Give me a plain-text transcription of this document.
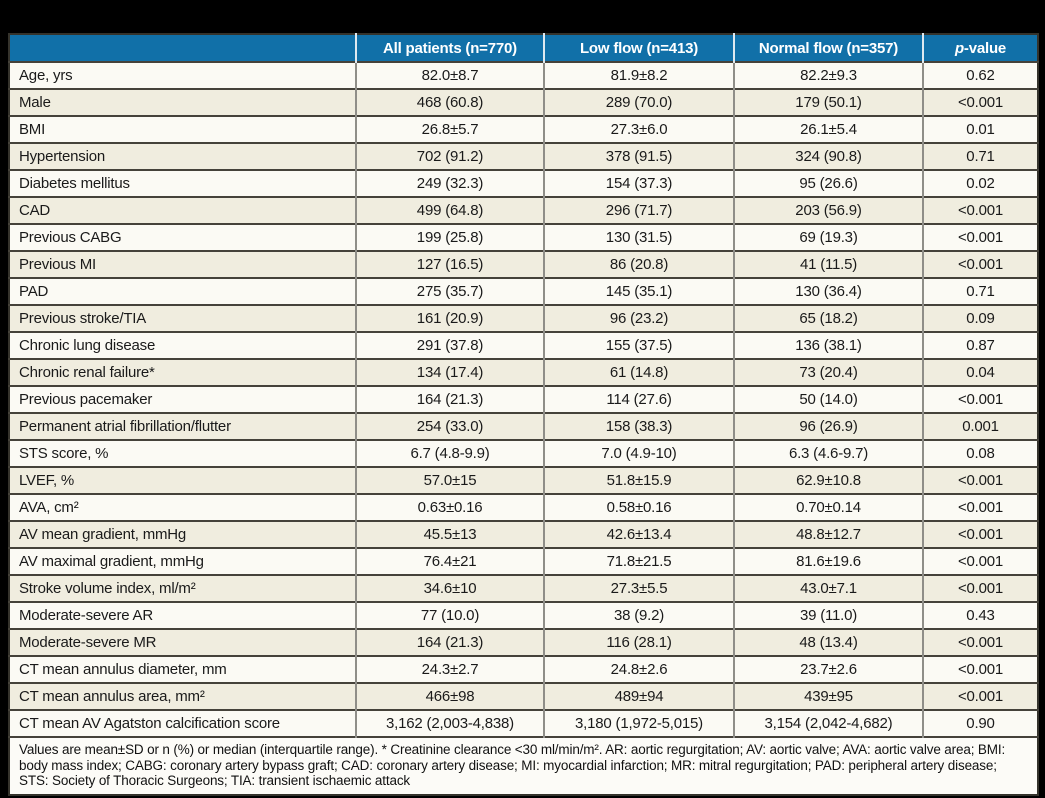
	All patients (n=770)	Low flow (n=413)	Normal flow (n=357)	p-value
Age, yrs	82.0±8.7	81.9±8.2	82.2±9.3	0.62
Male	468 (60.8)	289 (70.0)	179 (50.1)	<0.001
BMI	26.8±5.7	27.3±6.0	26.1±5.4	0.01
Hypertension	702 (91.2)	378 (91.5)	324 (90.8)	0.71
Diabetes mellitus	249 (32.3)	154 (37.3)	95 (26.6)	0.02
CAD	499 (64.8)	296 (71.7)	203 (56.9)	<0.001
Previous CABG	199 (25.8)	130 (31.5)	69 (19.3)	<0.001
Previous MI	127 (16.5)	86 (20.8)	41 (11.5)	<0.001
PAD	275 (35.7)	145 (35.1)	130 (36.4)	0.71
Previous stroke/TIA	161 (20.9)	96 (23.2)	65 (18.2)	0.09
Chronic lung disease	291 (37.8)	155 (37.5)	136 (38.1)	0.87
Chronic renal failure*	134 (17.4)	61 (14.8)	73 (20.4)	0.04
Previous pacemaker	164 (21.3)	114 (27.6)	50 (14.0)	<0.001
Permanent atrial fibrillation/flutter	254 (33.0)	158 (38.3)	96 (26.9)	0.001
STS score, %	6.7 (4.8-9.9)	7.0 (4.9-10)	6.3 (4.6-9.7)	0.08
LVEF, %	57.0±15	51.8±15.9	62.9±10.8	<0.001
AVA, cm²	0.63±0.16	0.58±0.16	0.70±0.14	<0.001
AV mean gradient, mmHg	45.5±13	42.6±13.4	48.8±12.7	<0.001
AV maximal gradient, mmHg	76.4±21	71.8±21.5	81.6±19.6	<0.001
Stroke volume index, ml/m²	34.6±10	27.3±5.5	43.0±7.1	<0.001
Moderate-severe AR	77 (10.0)	38 (9.2)	39 (11.0)	0.43
Moderate-severe MR	164 (21.3)	116 (28.1)	48 (13.4)	<0.001
CT mean annulus diameter, mm	24.3±2.7	24.8±2.6	23.7±2.6	<0.001
CT mean annulus area, mm²	466±98	489±94	439±95	<0.001
CT mean AV Agatston calcification score	3,162 (2,003-4,838)	3,180 (1,972-5,015)	3,154 (2,042-4,682)	0.90
Values are mean±SD or n (%) or median (interquartile range). * Creatinine clearance <30 ml/min/m². AR: aortic regurgitation; AV: aortic valve; AVA: aortic valve area; BMI: body mass index; CABG: coronary artery bypass graft; CAD: coronary artery disease; MI: myocardial infarction; MR: mitral regurgitation; PAD: peripheral artery disease; STS: Society of Thoracic Surgeons; TIA: transient ischaemic attack				
